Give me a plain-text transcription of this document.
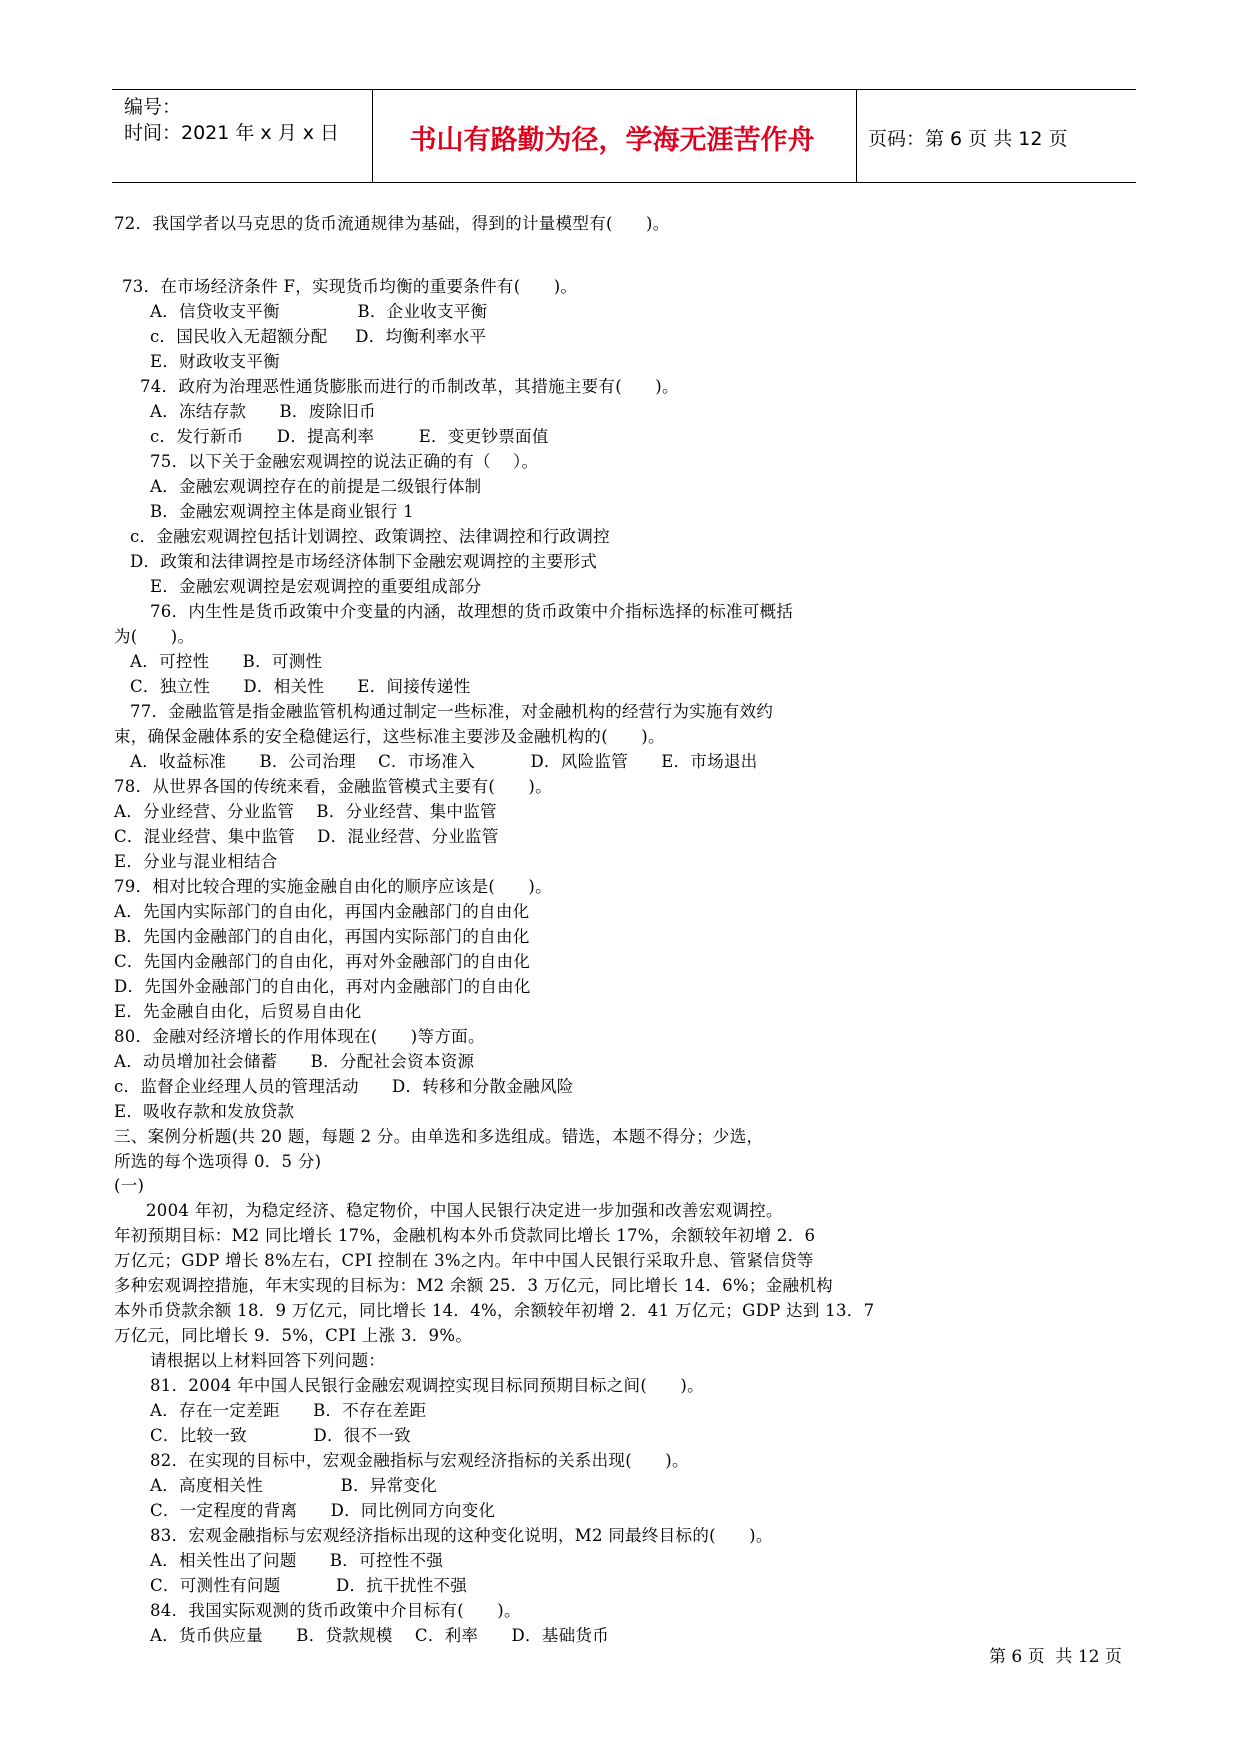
编号：
时间：2021 年 x 月 x 日	书山有路勤为径，学海无涯苦作舟	页码：第 6 页 共 12 页
72．我国学者以马克思的货币流通规律为基础，得到的计量模型有(      )。
73．在市场经济条件 F，实现货币均衡的重要条件有(      )。
A．信贷收支平衡              B．企业收支平衡
c．国民收入无超额分配     D．均衡利率水平
E．财政收支平衡
74．政府为治理恶性通货膨胀而进行的币制改革，其措施主要有(      )。
A．冻结存款      B．废除旧币
c．发行新币      D．提高利率        E．变更钞票面值
75．以下关于金融宏观调控的说法正确的有（    ）。
A．金融宏观调控存在的前提是二级银行体制
B．金融宏观调控主体是商业银行 1
c．金融宏观调控包括计划调控、政策调控、法律调控和行政调控
D．政策和法律调控是市场经济体制下金融宏观调控的主要形式
E．金融宏观调控是宏观调控的重要组成部分
76．内生性是货币政策中介变量的内涵，故理想的货币政策中介指标选择的标准可概括
为(      )。
A．可控性      B．可测性
C．独立性      D．相关性      E．间接传递性
77．金融监管是指金融监管机构通过制定一些标准，对金融机构的经营行为实施有效约
束，确保金融体系的安全稳健运行，这些标准主要涉及金融机构的(      )。
A．收益标准      B．公司治理    C．市场准入          D．风险监管      E．市场退出
78．从世界各国的传统来看，金融监管模式主要有(      )。
A．分业经营、分业监管    B．分业经营、集中监管
C．混业经营、集中监管    D．混业经营、分业监管
E．分业与混业相结合
79．相对比较合理的实施金融自由化的顺序应该是(      )。
A．先国内实际部门的自由化，再国内金融部门的自由化
B．先国内金融部门的自由化，再国内实际部门的自由化
C．先国内金融部门的自由化，再对外金融部门的自由化
D．先国外金融部门的自由化，再对内金融部门的自由化
E．先金融自由化，后贸易自由化
80．金融对经济增长的作用体现在(      )等方面。
A．动员增加社会储蓄      B．分配社会资本资源
c．监督企业经理人员的管理活动      D．转移和分散金融风险
E．吸收存款和发放贷款
三、案例分析题(共 20 题，每题 2 分。由单选和多选组成。错选，本题不得分；少选，
所选的每个选项得 0．5 分)
(一)
2004 年初，为稳定经济、稳定物价，中国人民银行决定进一步加强和改善宏观调控。
年初预期目标：M2 同比增长 17%，金融机构本外币贷款同比增长 17%，余额较年初增 2．6
万亿元；GDP 增长 8%左右，CPI 控制在 3%之内。年中中国人民银行采取升息、管紧信贷等
多种宏观调控措施，年末实现的目标为：M2 余额 25．3 万亿元，同比增长 14．6%；金融机构
本外币贷款余额 18．9 万亿元，同比增长 14．4%，余额较年初增 2．41 万亿元；GDP 达到 13．7
万亿元，同比增长 9．5%，CPI 上涨 3．9%。
请根据以上材料回答下列问题：
81．2004 年中国人民银行金融宏观调控实现目标同预期目标之间(      )。
A．存在一定差距      B．不存在差距
C．比较一致            D．很不一致
82．在实现的目标中，宏观金融指标与宏观经济指标的关系出现(      )。
A．高度相关性              B．异常变化
C．一定程度的背离      D．同比例同方向变化
83．宏观金融指标与宏观经济指标出现的这种变化说明，M2 同最终目标的(      )。
A．相关性出了问题      B．可控性不强
C．可测性有问题          D．抗干扰性不强
84．我国实际观测的货币政策中介目标有(      )。
A．货币供应量      B．贷款规模    C．利率      D．基础货币
第 6 页  共 12 页
